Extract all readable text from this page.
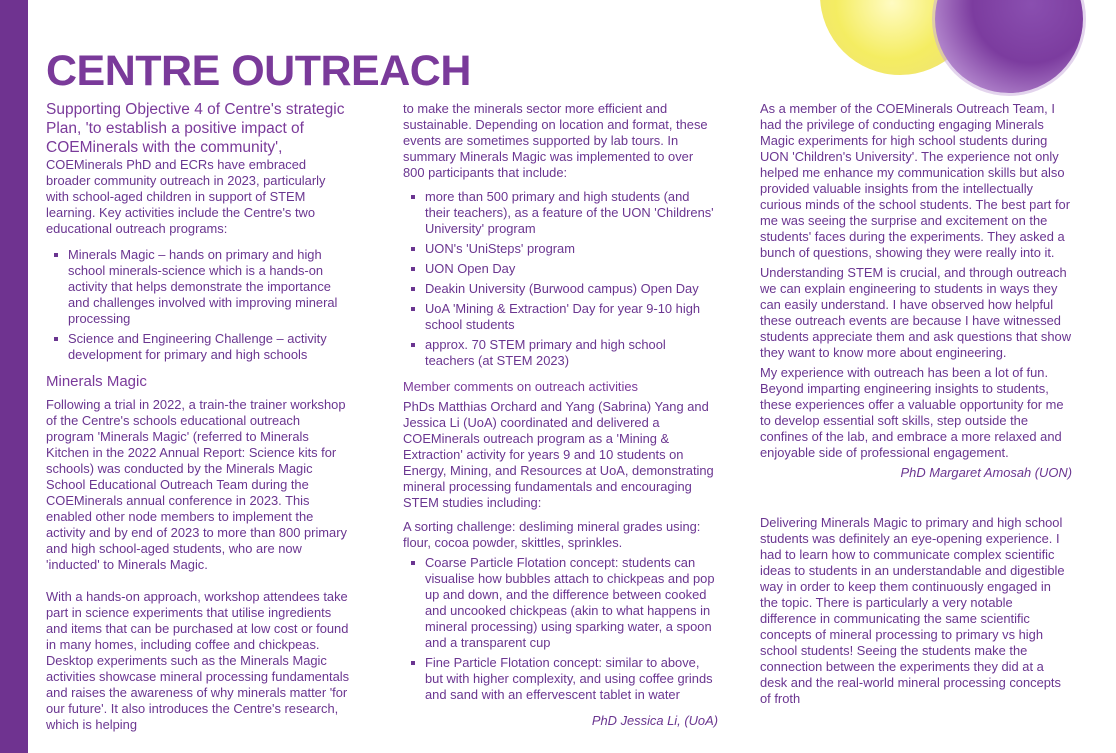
CENTRE OUTREACH

Supporting Objective 4 of Centre's strategic Plan, 'to establish a positive impact of COEMinerals with the community', COEMinerals PhD and ECRs have embraced broader community outreach in 2023, particularly with school-aged children in support of STEM learning. Key activities include the Centre's two educational outreach programs:

Minerals Magic – hands on primary and high school minerals-science which is a hands-on activity that helps demonstrate the importance and challenges involved with improving mineral processing
Science and Engineering Challenge – activity development for primary and high schools
Minerals Magic

Following a trial in 2022, a train-the trainer workshop of the Centre's schools educational outreach program 'Minerals Magic' (referred to Minerals Kitchen in the 2022 Annual Report: Science kits for schools) was conducted by the Minerals Magic School Educational Outreach Team during the COEMinerals annual conference in 2023. This enabled other node members to implement the activity and by end of 2023 to more than 800 primary and high school-aged students, who are now 'inducted' to Minerals Magic.

With a hands-on approach, workshop attendees take part in science experiments that utilise ingredients and items that can be purchased at low cost or found in many homes, including coffee and chickpeas. Desktop experiments such as the Minerals Magic activities showcase mineral processing fundamentals and raises the awareness of why minerals matter 'for our future'. It also introduces the Centre's research, which is helping

to make the minerals sector more efficient and sustainable. Depending on location and format, these events are sometimes supported by lab tours. In summary Minerals Magic was implemented to over 800 participants that include:

more than 500 primary and high students (and their teachers), as a feature of the UON 'Childrens' University' program
UON's 'UniSteps' program
UON Open Day
Deakin University (Burwood campus) Open Day
UoA 'Mining & Extraction' Day for year 9-10 high school students
approx. 70 STEM primary and high school teachers (at STEM 2023)
Member comments on outreach activities

PhDs Matthias Orchard and Yang (Sabrina) Yang and Jessica Li (UoA) coordinated and delivered a COEMinerals outreach program as a 'Mining & Extraction' activity for years 9 and 10 students on Energy, Mining, and Resources at UoA, demonstrating mineral processing fundamentals and encouraging STEM studies including:

A sorting challenge: desliming mineral grades using: flour, cocoa powder, skittles, sprinkles.

Coarse Particle Flotation concept: students can visualise how bubbles attach to chickpeas and pop up and down, and the difference between cooked and uncooked chickpeas (akin to what happens in mineral processing) using sparking water, a spoon and a transparent cup
Fine Particle Flotation concept: similar to above, but with higher complexity, and using coffee grinds and sand with an effervescent tablet in water

PhD Jessica Li, (UoA)

As a member of the COEMinerals Outreach Team, I had the privilege of conducting engaging Minerals Magic experiments for high school students during UON 'Children's University'. The experience not only helped me enhance my communication skills but also provided valuable insights from the intellectually curious minds of the school students. The best part for me was seeing the surprise and excitement on the students' faces during the experiments. They asked a bunch of questions, showing they were really into it.

Understanding STEM is crucial, and through outreach we can explain engineering to students in ways they can easily understand. I have observed how helpful these outreach events are because I have witnessed students appreciate them and ask questions that show they want to know more about engineering.

My experience with outreach has been a lot of fun. Beyond imparting engineering insights to students, these experiences offer a valuable opportunity for me to develop essential soft skills, step outside the confines of the lab, and embrace a more relaxed and enjoyable side of professional engagement.

PhD Margaret Amosah (UON)

Delivering Minerals Magic to primary and high school students was definitely an eye-opening experience. I had to learn how to communicate complex scientific ideas to students in an understandable and digestible way in order to keep them continuously engaged in the topic. There is particularly a very notable difference in communicating the same scientific concepts of mineral processing to primary vs high school students! Seeing the students make the connection between the experiments they did at a desk and the real-world mineral processing concepts of froth
